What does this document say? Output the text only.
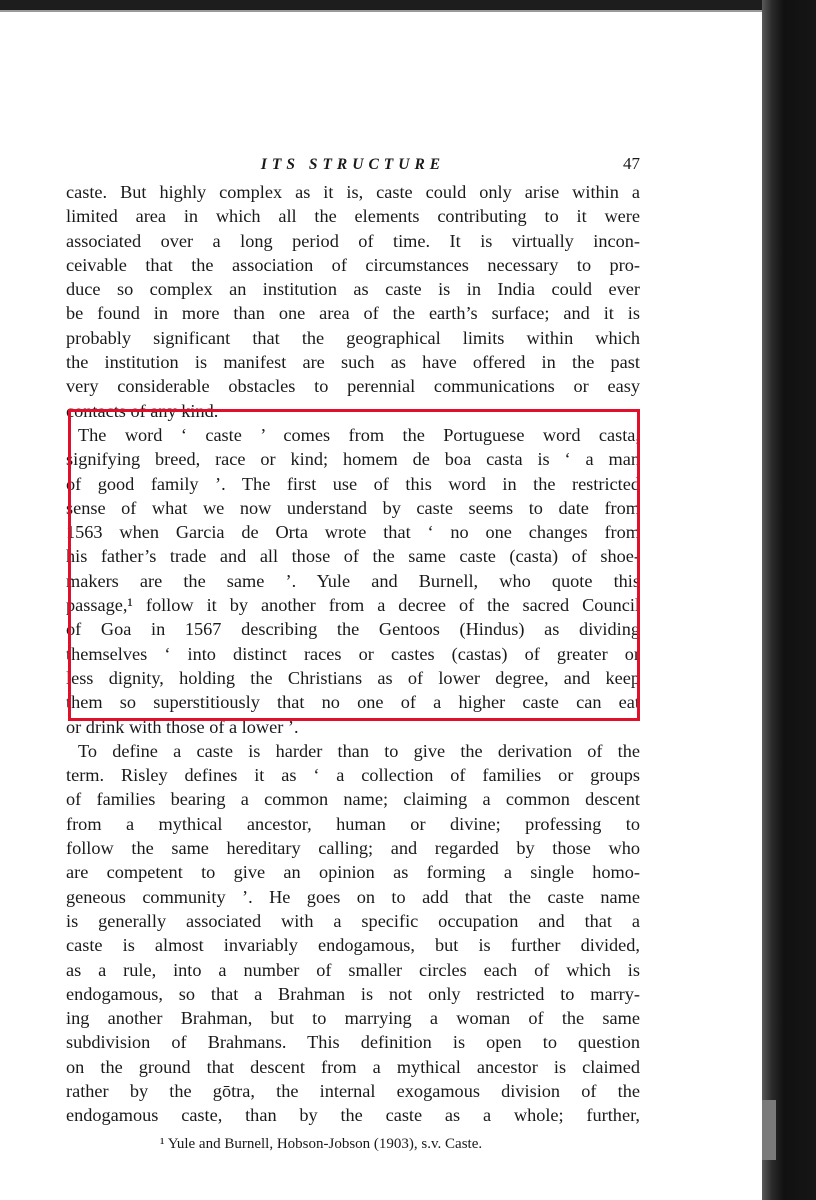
ITS STRUCTURE	47

caste. But highly complex as it is, caste could only arise within a

limited area in which all the elements contributing to it were

associated over a long period of time. It is virtually incon-

ceivable that the association of circumstances necessary to pro-

duce so complex an institution as caste is in India could ever

be found in more than one area of the earth’s surface; and it is

probably significant that the geographical limits within which

the institution is manifest are such as have offered in the past

very considerable obstacles to perennial communications or easy

contacts of any kind.

The word ‘ caste ’ comes from the Portuguese word casta,

signifying breed, race or kind; homem de boa casta is ‘ a man

of good family ’. The first use of this word in the restricted

sense of what we now understand by caste seems to date from

1563 when Garcia de Orta wrote that ‘ no one changes from

his father’s trade and all those of the same caste (casta) of shoe-

makers are the same ’. Yule and Burnell, who quote this

passage,¹ follow it by another from a decree of the sacred Council

of Goa in 1567 describing the Gentoos (Hindus) as dividing

themselves ‘ into distinct races or castes (castas) of greater or

less dignity, holding the Christians as of lower degree, and keep

them so superstitiously that no one of a higher caste can eat

or drink with those of a lower ’.

To define a caste is harder than to give the derivation of the

term. Risley defines it as ‘ a collection of families or groups

of families bearing a common name; claiming a common descent

from a mythical ancestor, human or divine; professing to

follow the same hereditary calling; and regarded by those who

are competent to give an opinion as forming a single homo-

geneous community ’. He goes on to add that the caste name

is generally associated with a specific occupation and that a

caste is almost invariably endogamous, but is further divided,

as a rule, into a number of smaller circles each of which is

endogamous, so that a Brahman is not only restricted to marry-

ing another Brahman, but to marrying a woman of the same

subdivision of Brahmans. This definition is open to question

on the ground that descent from a mythical ancestor is claimed

rather by the gōtra, the internal exogamous division of the

endogamous caste, than by the caste as a whole; further,

¹ Yule and Burnell, Hobson-Jobson (1903), s.v. Caste.
